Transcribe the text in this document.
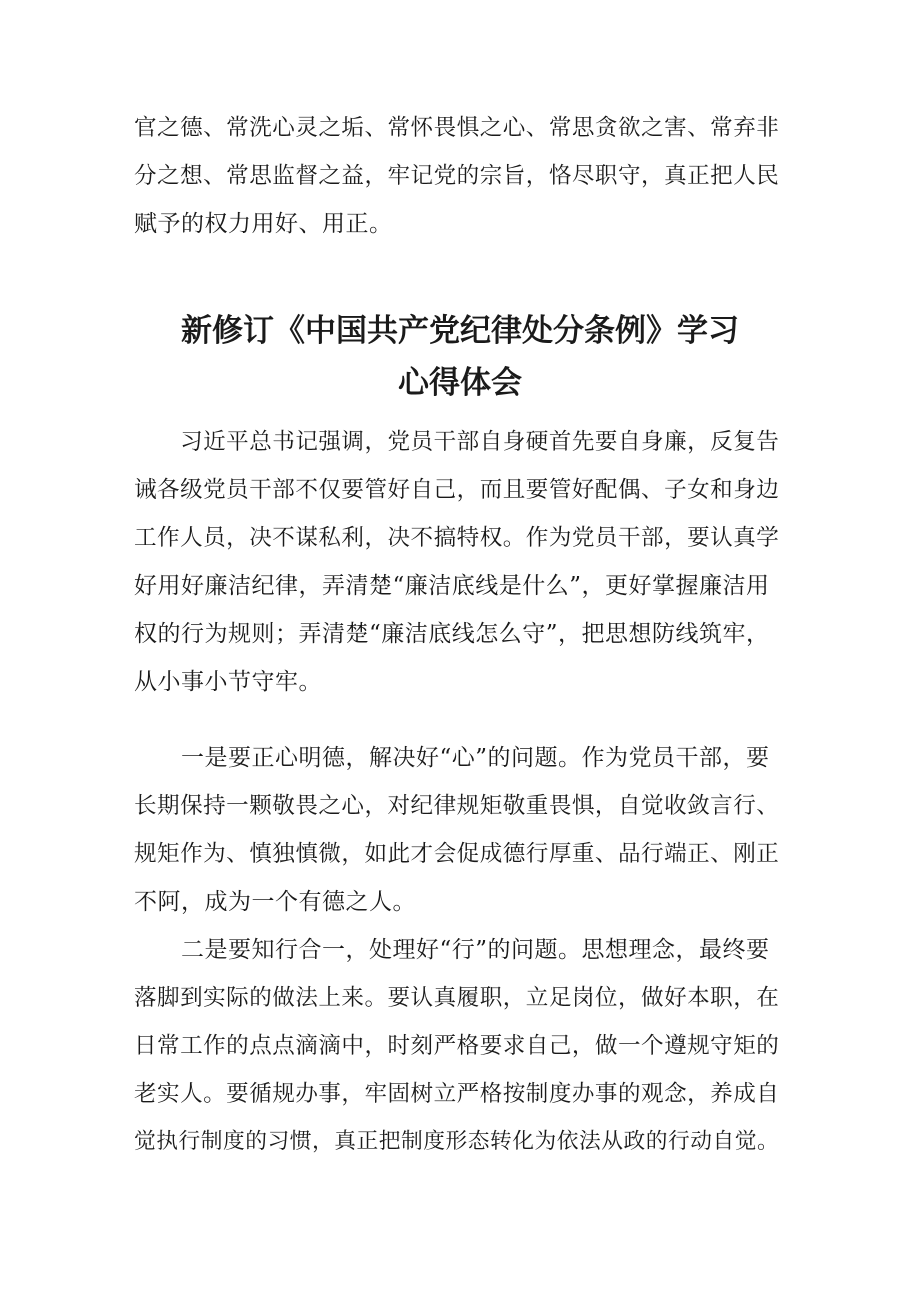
官之德、常洗心灵之垢、常怀畏惧之心、常思贪欲之害、常弃非
分之想、常思监督之益，牢记党的宗旨，恪尽职守，真正把人民
赋予的权力用好、用正。

新修订《中国共产党纪律处分条例》学习
心得体会

　　习近平总书记强调，党员干部自身硬首先要自身廉，反复告
诫各级党员干部不仅要管好自己，而且要管好配偶、子女和身边
工作人员，决不谋私利，决不搞特权。作为党员干部，要认真学
好用好廉洁纪律，弄清楚“廉洁底线是什么”，更好掌握廉洁用
权的行为规则；弄清楚“廉洁底线怎么守”，把思想防线筑牢，
从小事小节守牢。

　　一是要正心明德，解决好“心”的问题。作为党员干部，要
长期保持一颗敬畏之心，对纪律规矩敬重畏惧，自觉收敛言行、
规矩作为、慎独慎微，如此才会促成德行厚重、品行端正、刚正
不阿，成为一个有德之人。

　　二是要知行合一，处理好“行”的问题。思想理念，最终要
落脚到实际的做法上来。要认真履职，立足岗位，做好本职，在
日常工作的点点滴滴中，时刻严格要求自己，做一个遵规守矩的
老实人。要循规办事，牢固树立严格按制度办事的观念，养成自
觉执行制度的习惯，真正把制度形态转化为依法从政的行动自觉。
